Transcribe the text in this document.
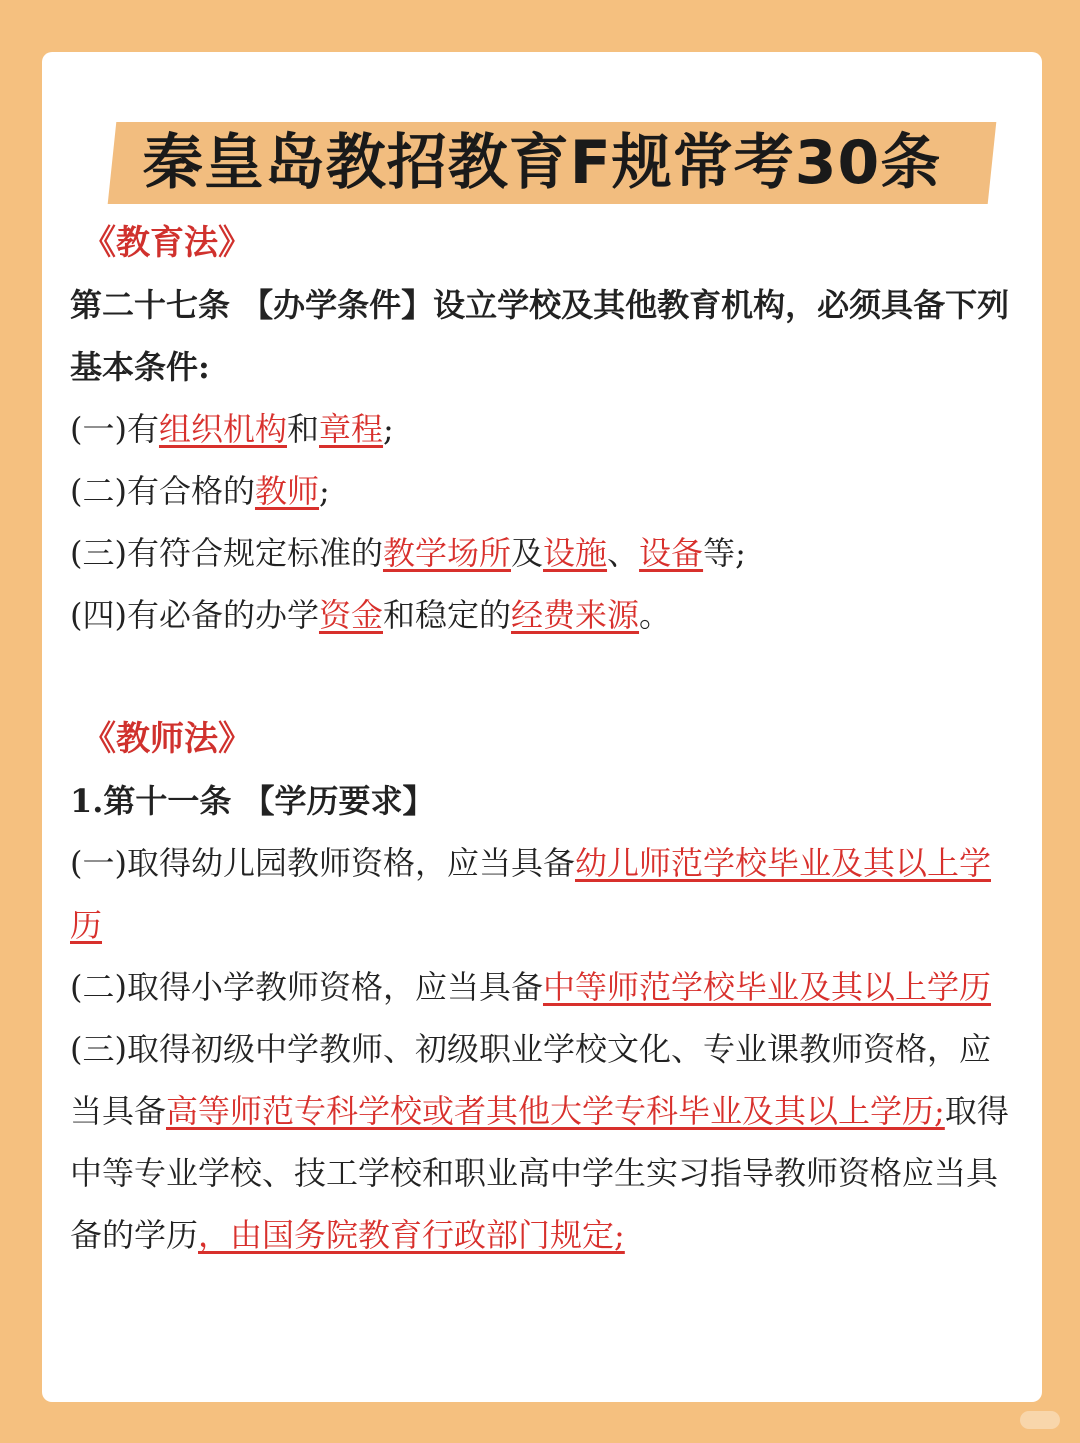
秦皇岛教招教育F规常考30条
《教育法》
第二十七条 【办学条件】设立学校及其他教育机构，必须具备下列基本条件:
(一)有组织机构和章程;
(二)有合格的教师;
(三)有符合规定标准的教学场所及设施、设备等;
(四)有必备的办学资金和稳定的经费来源。
《教师法》
1.第十一条 【学历要求】
(一)取得幼儿园教师资格，应当具备幼儿师范学校毕业及其以上学历
(二)取得小学教师资格，应当具备中等师范学校毕业及其以上学历
(三)取得初级中学教师、初级职业学校文化、专业课教师资格，应当具备高等师范专科学校或者其他大学专科毕业及其以上学历;取得中等专业学校、技工学校和职业高中学生实习指导教师资格应当具备的学历，由国务院教育行政部门规定;
